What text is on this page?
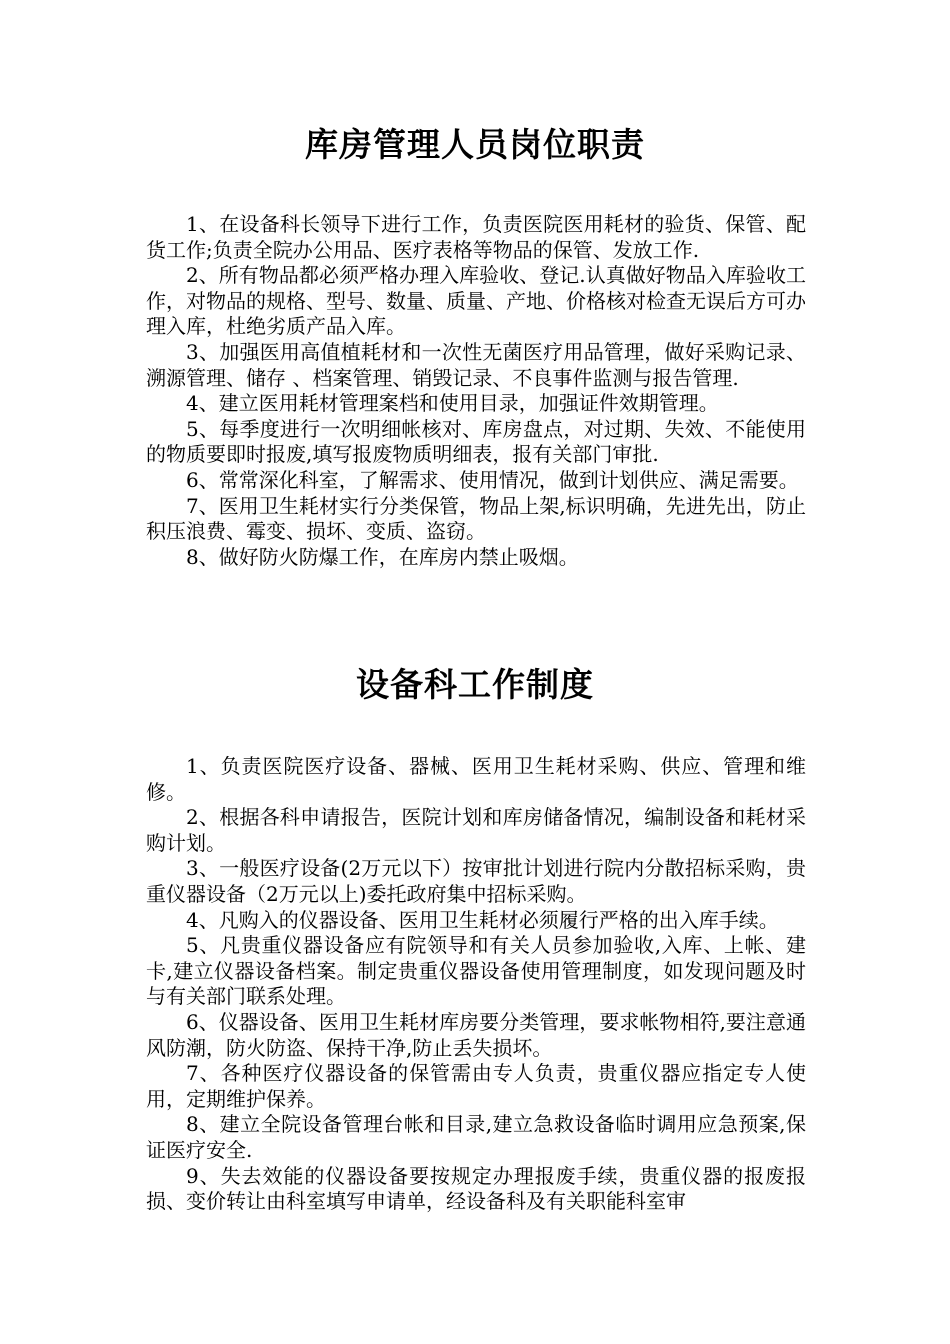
库房管理人员岗位职责

1、在设备科长领导下进行工作，负责医院医用耗材的验货、保管、配货工作;负责全院办公用品、医疗表格等物品的保管、发放工作.

2、所有物品都必须严格办理入库验收、登记.认真做好物品入库验收工作，对物品的规格、型号、数量、质量、产地、价格核对检查无误后方可办理入库，杜绝劣质产品入库。

3、加强医用高值植耗材和一次性无菌医疗用品管理，做好采购记录、溯源管理、储存 、档案管理、销毁记录、不良事件监测与报告管理.

4、建立医用耗材管理案档和使用目录，加强证件效期管理。

5、每季度进行一次明细帐核对、库房盘点，对过期、失效、不能使用的物质要即时报废,填写报废物质明细表，报有关部门审批.

6、常常深化科室，了解需求、使用情况，做到计划供应、满足需要。

7、医用卫生耗材实行分类保管，物品上架,标识明确，先进先出，防止积压浪费、霉变、损坏、变质、盗窃。

8、做好防火防爆工作，在库房内禁止吸烟。

设备科工作制度

1、负责医院医疗设备、器械、医用卫生耗材采购、供应、管理和维修。

2、根据各科申请报告，医院计划和库房储备情况，编制设备和耗材采购计划。

3、一般医疗设备(2万元以下）按审批计划进行院内分散招标采购，贵重仪器设备（2万元以上)委托政府集中招标采购。

4、凡购入的仪器设备、医用卫生耗材必须履行严格的出入库手续。

5、凡贵重仪器设备应有院领导和有关人员参加验收,入库、上帐、建卡,建立仪器设备档案。制定贵重仪器设备使用管理制度，如发现问题及时与有关部门联系处理。

6、仪器设备、医用卫生耗材库房要分类管理，要求帐物相符,要注意通风防潮，防火防盗、保持干净,防止丢失损坏。

7、各种医疗仪器设备的保管需由专人负责，贵重仪器应指定专人使用，定期维护保养。

8、建立全院设备管理台帐和目录,建立急救设备临时调用应急预案,保证医疗安全.

9、失去效能的仪器设备要按规定办理报废手续，贵重仪器的报废报损、变价转让由科室填写申请单，经设备科及有关职能科室审
